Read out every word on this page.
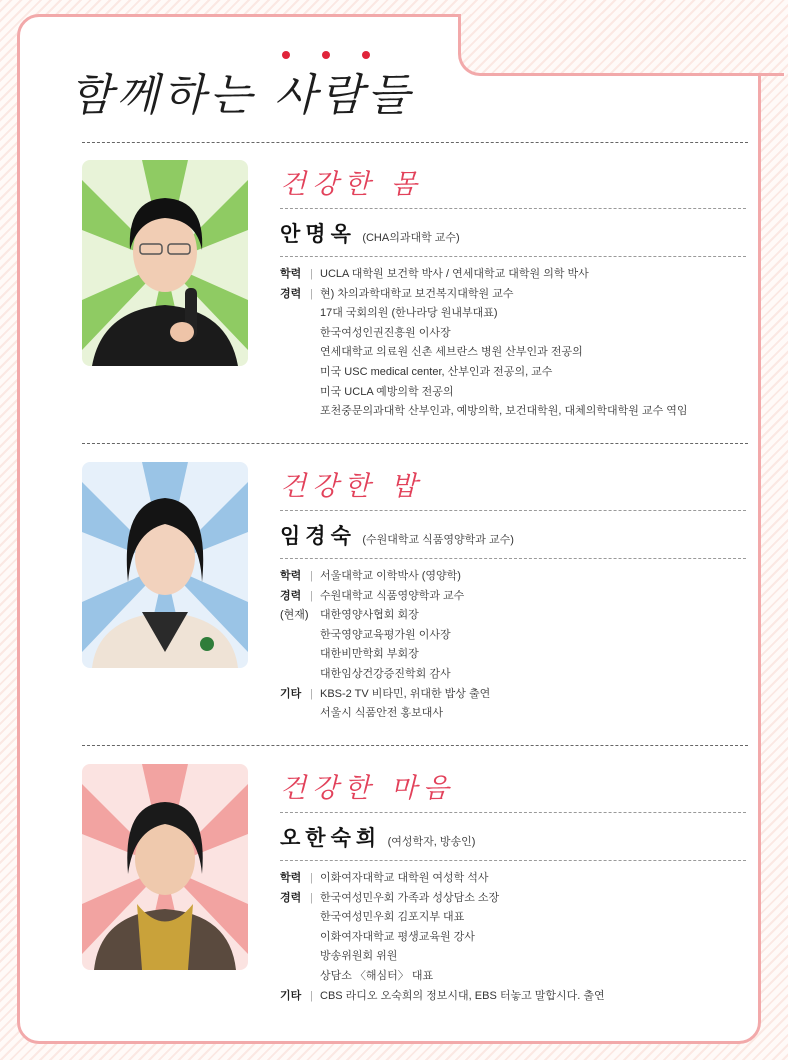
함께하는 사람들
건강한 몸
안명옥 (CHA의과대학 교수)
학력 | UCLA 대학원 보건학 박사 / 연세대학교 대학원 의학 박사
경력 | 현) 차의과학대학교 보건복지대학원 교수
17대 국회의원 (한나라당 원내부대표)
한국여성인권진흥원 이사장
연세대학교 의료원 신촌 세브란스 병원 산부인과 전공의
미국 USC medical center, 산부인과 전공의, 교수
미국 UCLA 예방의학 전공의
포천중문의과대학 산부인과, 예방의학, 보건대학원, 대체의학대학원 교수 역임
건강한 밥
임경숙 (수원대학교 식품영양학과 교수)
학력 | 서울대학교 이학박사 (영양학)
경력 | 수원대학교 식품영양학과 교수
(현재)	대한영양사협회 회장
한국영양교육평가원 이사장
대한비만학회 부회장
대한임상건강증진학회 감사
기타 | KBS-2 TV 비타민, 위대한 밥상 출연
서울시 식품안전 홍보대사
건강한 마음
오한숙희 (여성학자, 방송인)
학력 | 이화여자대학교 대학원 여성학 석사
경력 | 한국여성민우회 가족과 성상담소 소장
한국여성민우회 김포지부 대표
이화여자대학교 평생교육원 강사
방송위원회 위원
상담소 〈해심터〉 대표
기타 | CBS 라디오 오숙희의 정보시대, EBS 터놓고 말합시다. 출연
